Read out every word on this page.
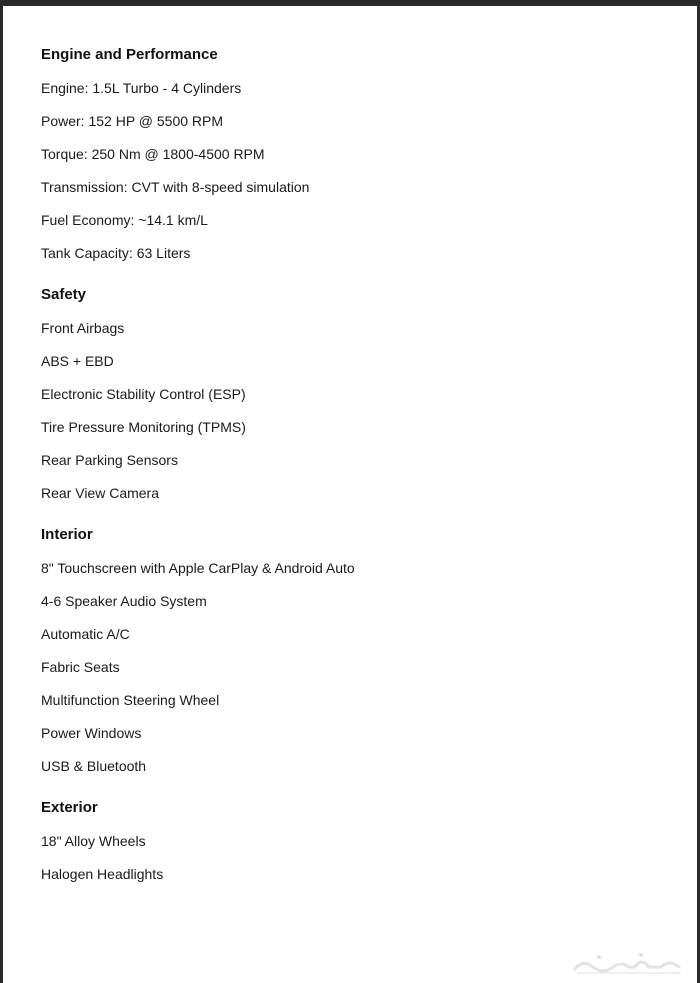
Engine and Performance
Engine: 1.5L Turbo - 4 Cylinders
Power: 152 HP @ 5500 RPM
Torque: 250 Nm @ 1800-4500 RPM
Transmission: CVT with 8-speed simulation
Fuel Economy: ~14.1 km/L
Tank Capacity: 63 Liters
Safety
Front Airbags
ABS + EBD
Electronic Stability Control (ESP)
Tire Pressure Monitoring (TPMS)
Rear Parking Sensors
Rear View Camera
Interior
8" Touchscreen with Apple CarPlay & Android Auto
4-6 Speaker Audio System
Automatic A/C
Fabric Seats
Multifunction Steering Wheel
Power Windows
USB & Bluetooth
Exterior
18" Alloy Wheels
Halogen Headlights
